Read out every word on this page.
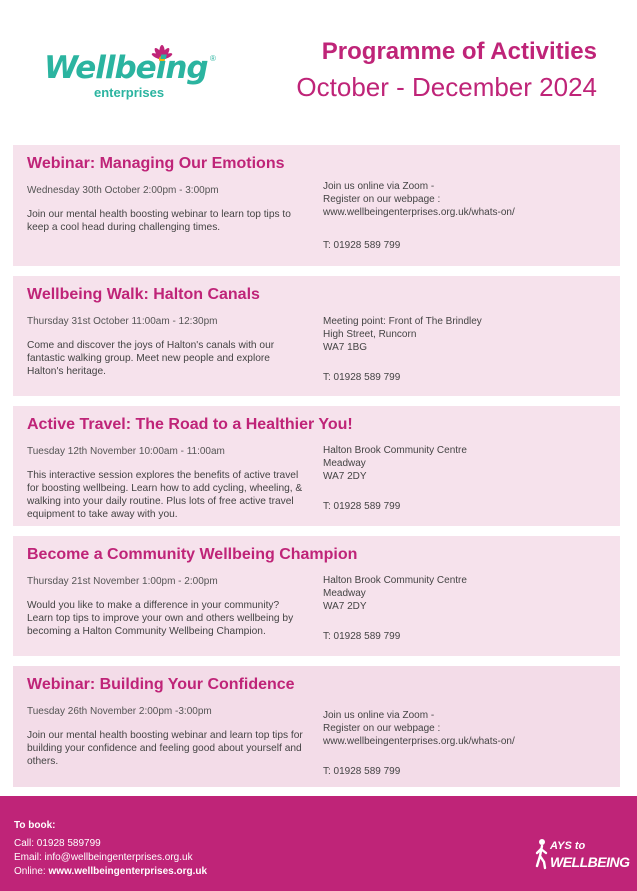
Wellbeing ®
enterprises
Programme of Activities
October - December 2024
Webinar: Managing Our Emotions
Wednesday 30th October 2:00pm - 3:00pm
Join our mental health boosting webinar to learn top tips to keep a cool head during challenging times.
Join us online via Zoom -
Register on our webpage :
www.wellbeingenterprises.org.uk/whats-on/
T: 01928 589 799
Wellbeing Walk: Halton Canals
Thursday 31st October 11:00am - 12:30pm
Come and discover the joys of Halton's canals with our fantastic walking group. Meet new people and explore Halton's heritage.
Meeting point: Front of The Brindley
High Street, Runcorn
WA7 1BG
T: 01928 589 799
Active Travel: The Road to a Healthier You!
Tuesday 12th November 10:00am - 11:00am
This interactive session explores the benefits of active travel for boosting wellbeing. Learn how to add cycling, wheeling, & walking into your daily routine. Plus lots of free active travel equipment to take away with you.
Halton Brook Community Centre
Meadway
WA7 2DY
T: 01928 589 799
Become a Community Wellbeing Champion
Thursday 21st November 1:00pm - 2:00pm
Would you like to make a difference in your community? Learn top tips to improve your own and others wellbeing by becoming a Halton Community Wellbeing Champion.
Halton Brook Community Centre
Meadway
WA7 2DY
T: 01928 589 799
Webinar: Building Your Confidence
Tuesday 26th November 2:00pm -3:00pm
Join our mental health boosting webinar and learn top tips for building your confidence and feeling good about yourself and others.
Join us online via Zoom -
Register on our webpage :
www.wellbeingenterprises.org.uk/whats-on/
T: 01928 589 799
To book:
Call: 01928 589799
Email: info@wellbeingenterprises.org.uk
Online: www.wellbeingenterprises.org.uk
AYS to
WELLBEING
